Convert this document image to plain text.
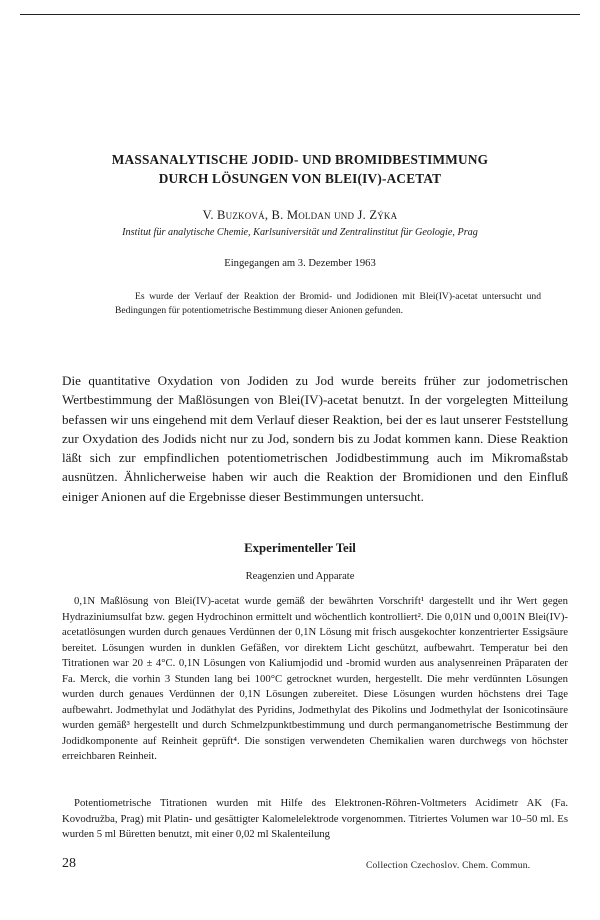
MASSANALYTISCHE JODID- UND BROMIDBESTIMMUNG
DURCH LÖSUNGEN VON BLEI(IV)-ACETAT
V. Buzková, B. Moldan und J. Zýka
Institut für analytische Chemie, Karlsuniversität und Zentralinstitut für Geologie, Prag
Eingegangen am 3. Dezember 1963
Es wurde der Verlauf der Reaktion der Bromid- und Jodidionen mit Blei(IV)-acetat untersucht und Bedingungen für potentiometrische Bestimmung dieser Anionen gefunden.
Die quantitative Oxydation von Jodiden zu Jod wurde bereits früher zur jodometrischen Wertbestimmung der Maßlösungen von Blei(IV)-acetat benutzt. In der vorgelegten Mitteilung befassen wir uns eingehend mit dem Verlauf dieser Reaktion, bei der es laut unserer Feststellung zur Oxydation des Jodids nicht nur zu Jod, sondern bis zu Jodat kommen kann. Diese Reaktion läßt sich zur empfindlichen potentiometrischen Jodidbestimmung auch im Mikromaßstab ausnützen. Ähnlicherweise haben wir auch die Reaktion der Bromidionen und den Einfluß einiger Anionen auf die Ergebnisse dieser Bestimmungen untersucht.
Experimenteller Teil
Reagenzien und Apparate
0,1N Maßlösung von Blei(IV)-acetat wurde gemäß der bewährten Vorschrift¹ dargestellt und ihr Wert gegen Hydraziniumsulfat bzw. gegen Hydrochinon ermittelt und wöchentlich kontrolliert². Die 0,01N und 0,001N Blei(IV)-acetatlösungen wurden durch genaues Verdünnen der 0,1N Lösung mit frisch ausgekochter konzentrierter Essigsäure bereitet. Lösungen wurden in dunklen Gefäßen, vor direktem Licht geschützt, aufbewahrt. Temperatur bei den Titrationen war 20 ± 4°C. 0,1N Lösungen von Kaliumjodid und -bromid wurden aus analysenreinen Präparaten der Fa. Merck, die vorhin 3 Stunden lang bei 100°C getrocknet wurden, hergestellt. Die mehr verdünnten Lösungen wurden durch genaues Verdünnen der 0,1N Lösungen zubereitet. Diese Lösungen wurden höchstens drei Tage aufbewahrt. Jodmethylat und Jodäthylat des Pyridins, Jodmethylat des Pikolins und Jodmethylat der Isonicotinsäure wurden gemäß³ hergestellt und durch Schmelzpunktbestimmung und durch permanganometrische Bestimmung der Jodidkomponente auf Reinheit geprüft⁴. Die sonstigen verwendeten Chemikalien waren durchwegs von höchster erreichbaren Reinheit.
Potentiometrische Titrationen wurden mit Hilfe des Elektronen-Röhren-Voltmeters Acidimetr AK (Fa. Kovodružba, Prag) mit Platin- und gesättigter Kalomelelektrode vorgenommen. Titriertes Volumen war 10–50 ml. Es wurden 5 ml Büretten benutzt, mit einer 0,02 ml Skalenteilung
28	Collection Czechoslov. Chem. Commun.
